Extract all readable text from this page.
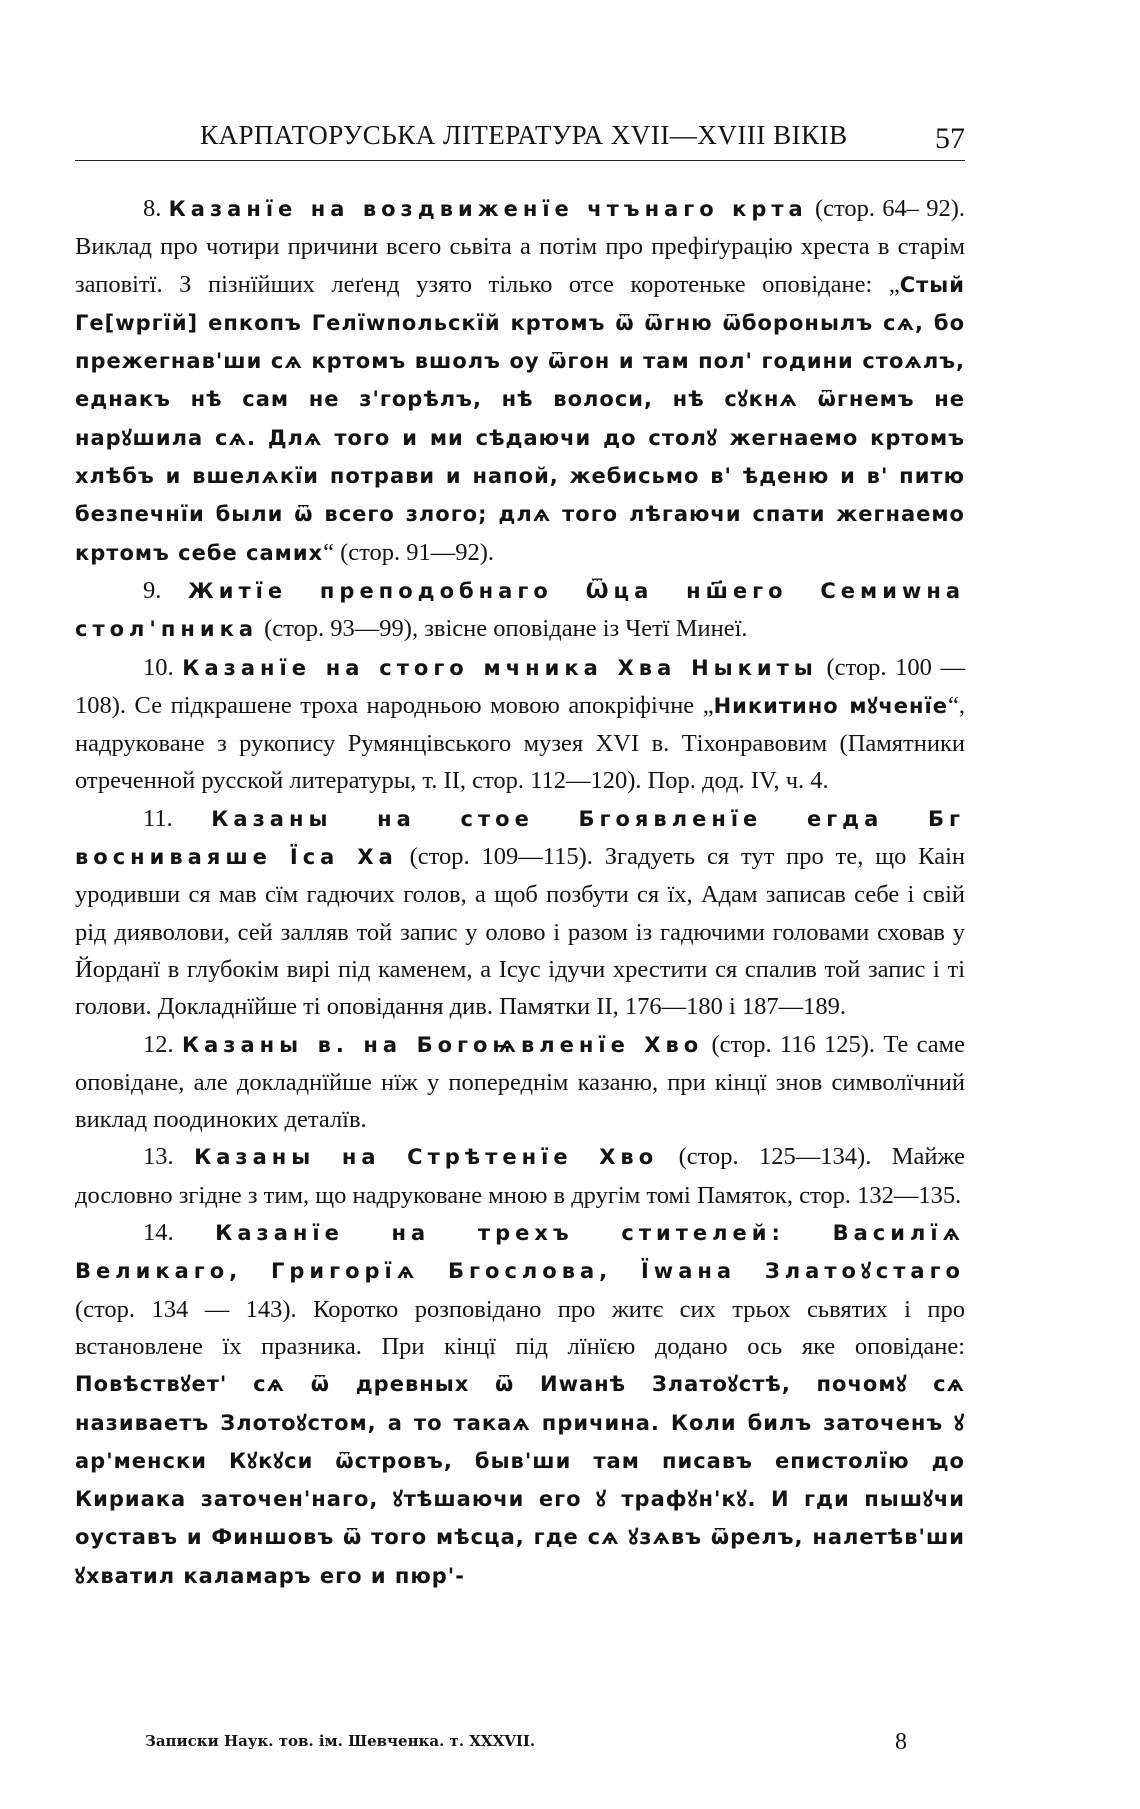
КАРПАТОРУСЬКА ЛІТЕРАТУРА XVII—XVIII ВІКІВ	57

8. Казанїе на воздвиженїе чтънаго крта (стор. 64– 92). Виклад про чотири причини всего сьвіта а потім про префіґурацію хреста в старім заповітї. З пізнїйших леґенд узято тілько отсе коротеньке оповідане: „Стый Ге[wргїй] епкопъ Гелїwпольскїй кртомъ ѿ ѿгню ѿборонылъ сѧ, бо прежегнав'ши сѧ кртомъ вшолъ оу ѿгон и там пол' години стоѧлъ, еднакъ нѣ сам не з'горѣлъ, нѣ волоси, нѣ сꙋкнѧ ѿгнемъ не нарꙋшила сѧ. Длѧ того и ми сѣдаючи до столꙋ жегнаемо кртомъ хлѣбъ и вшелѧкїи потрави и напой, жебисьмо в' ѣденю и в' питю безпечнїи были ѿ всего злого; длѧ того лѣгаючи спати жегнаемо кртомъ себе самих“ (стор. 91—92).

9. Житїе преподобнаго Ѿца нш҃его Семиwна стол'пника (стор. 93—99), звісне оповідане із Четї Минеї.

10. Казанїе на стого мчника Хва Ныкиты (стор. 100 — 108). Се підкрашене троха народньою мовою апокріфічне „Никитино мꙋченїе“, надруковане з рукопису Румянцівського музея XVI в. Тіхонравовим (Памятники отреченной русской литературы, т. II, стор. 112—120). Пор. дод. IV, ч. 4.

11. Казаны на стое Бгоявленїе егда Бг восниваяше Їса Ха (стор. 109—115). Згадуеть ся тут про те, що Каін уродивши ся мав сїм гадючих голов, а щоб позбути ся їх, Адам записав себе і свій рід дияволови, сей залляв той запис у олово і разом із гадючими головами сховав у Йорданї в глубокім вирі під каменем, а Ісус ідучи хрестити ся спалив той запис і ті голови. Докладнїйше ті оповідання див. Памятки II, 176—180 і 187—189.

12. Казаны в. на Богоѩвленїе Хво (стор. 116 125). Те саме оповідане, але докладнїйше нїж у попереднім казаню, при кінцї знов символїчний виклад поодиноких деталїв.

13. Казаны на Стрѣтенїе Хво (стор. 125—134). Майже дословно згідне з тим, що надруковане мною в другім томі Памяток, стор. 132—135.

14. Казанїе на трехъ стителей: Василїѧ Великаго, Григорїѧ Бгослова, Їwана Златоꙋстаго (стор. 134 — 143). Коротко розповідано про житє сих трьох сьвятих і про встановлене їх празника. При кінцї під лїнїєю додано ось яке оповідане: Повѣствꙋет' сѧ ѿ древных ѿ Иwанѣ Златоꙋстѣ, почомꙋ сѧ називаетъ Злотоꙋстом, а то такаѧ причина. Коли билъ заточенъ ꙋ ар'менски Кꙋкꙋси ѿстровъ, быв'ши там писавъ епистолїю до Кириака заточен'наго, ꙋтѣшаючи его ꙋ трафꙋн'кꙋ. И гди пышꙋчи оуставъ и Финшовъ ѿ того мѣсца, где сѧ ꙋзѧвъ ѿрелъ, налетѣв'ши ꙋхватил каламаръ его и пюр'-

Записки Наук. тов. ім. Шевченка. т. XXXVII.	8
